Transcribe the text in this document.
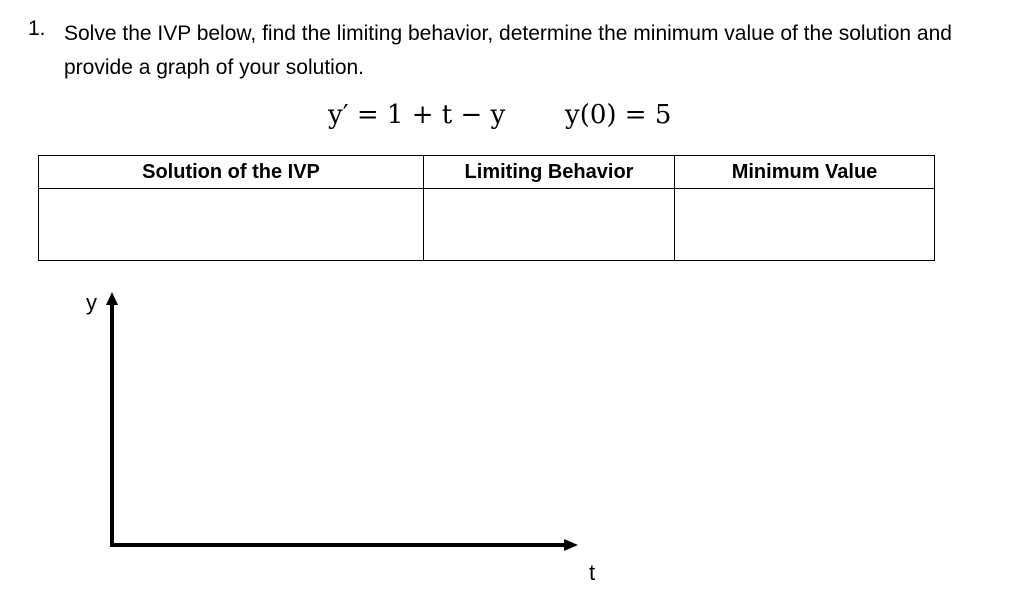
1. Solve the IVP below, find the limiting behavior, determine the minimum value of the solution and provide a graph of your solution.
y′ = 1 + t − y y(0) = 5
Solution of the IVP	Limiting Behavior	Minimum Value

y
t
